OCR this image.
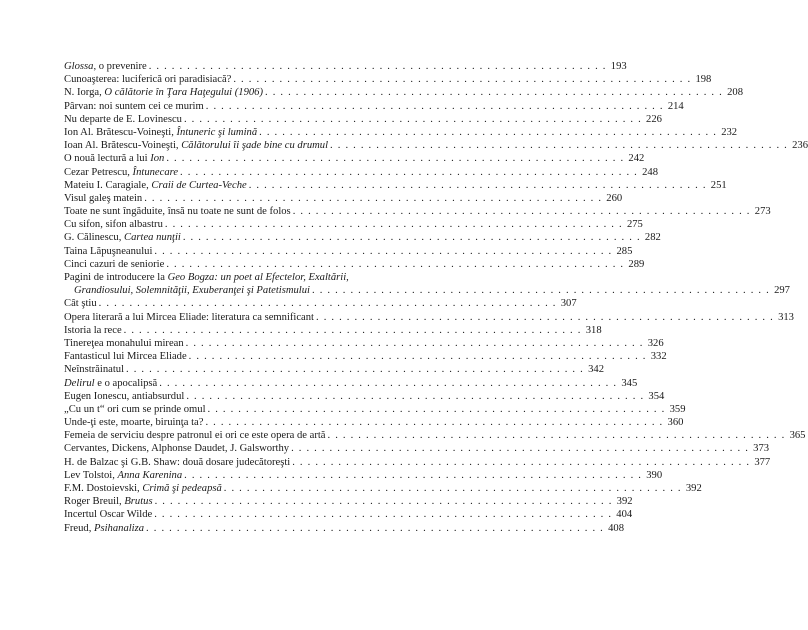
Glossa, o prevenire . . . . . . . . . . . . . . . . . . . . . . . . . . . . . . . . . . . . . . . . . . . . . . . . . . . . . . . . . . . . 193
Cunoaşterea: luciferică ori paradisiacă? . . . . . . . . . . . . . . . . . . . . . . . . . . . . . . . . . . . . . . . . . . . . . . . . . . . . . . . . . . . . 198
N. Iorga, O călătorie în Ţara Haţegului (1906) . . . . . . . . . . . . . . . . . . . . . . . . . . . . . . . . . . . . . . . . . . . . . . . . . . . . . . . . . . . . 208
Pârvan: noi suntem cei ce murim . . . . . . . . . . . . . . . . . . . . . . . . . . . . . . . . . . . . . . . . . . . . . . . . . . . . . . . . . . . . 214
Nu departe de E. Lovinescu . . . . . . . . . . . . . . . . . . . . . . . . . . . . . . . . . . . . . . . . . . . . . . . . . . . . . . . . . . . . 226
Ion Al. Brătescu-Voineşti, Întuneric şi lumină . . . . . . . . . . . . . . . . . . . . . . . . . . . . . . . . . . . . . . . . . . . . . . . . . . . . . . . . . . . . 232
Ioan Al. Brătescu-Voineşti, Călătorului îi şade bine cu drumul . . . . . . . . . . . . . . . . . . . . . . . . . . . . . . . . . . . . . . . . . . . . . . . . . . . . . . . . . . . . 236
O nouă lectură a lui Ion . . . . . . . . . . . . . . . . . . . . . . . . . . . . . . . . . . . . . . . . . . . . . . . . . . . . . . . . . . . . 242
Cezar Petrescu, Întunecare . . . . . . . . . . . . . . . . . . . . . . . . . . . . . . . . . . . . . . . . . . . . . . . . . . . . . . . . . . . . 248
Mateiu I. Caragiale, Craii de Curtea-Veche . . . . . . . . . . . . . . . . . . . . . . . . . . . . . . . . . . . . . . . . . . . . . . . . . . . . . . . . . . . . 251
Visul galeş matein . . . . . . . . . . . . . . . . . . . . . . . . . . . . . . . . . . . . . . . . . . . . . . . . . . . . . . . . . . . . 260
Toate ne sunt îngăduite, însă nu toate ne sunt de folos . . . . . . . . . . . . . . . . . . . . . . . . . . . . . . . . . . . . . . . . . . . . . . . . . . . . . . . . . . . . 273
Cu sifon, sifon albastru . . . . . . . . . . . . . . . . . . . . . . . . . . . . . . . . . . . . . . . . . . . . . . . . . . . . . . . . . . . . 275
G. Călinescu, Cartea nunţii . . . . . . . . . . . . . . . . . . . . . . . . . . . . . . . . . . . . . . . . . . . . . . . . . . . . . . . . . . . . 282
Taina Lăpuşneanului . . . . . . . . . . . . . . . . . . . . . . . . . . . . . . . . . . . . . . . . . . . . . . . . . . . . . . . . . . . . 285
Cinci cazuri de seniorie . . . . . . . . . . . . . . . . . . . . . . . . . . . . . . . . . . . . . . . . . . . . . . . . . . . . . . . . . . . . 289
Pagini de introducere la Geo Bogza: un poet al Efectelor, Exaltării,
Grandiosului, Solemnităţii, Exuberanţei şi Patetismului . . . . . . . . . . . . . . . . . . . . . . . . . . . . . . . . . . . . . . . . . . . . . . . . . . . . . . . . . . . . 297
Cât ştiu . . . . . . . . . . . . . . . . . . . . . . . . . . . . . . . . . . . . . . . . . . . . . . . . . . . . . . . . . . . . 307
Opera literară a lui Mircea Eliade: literatura ca semnificant . . . . . . . . . . . . . . . . . . . . . . . . . . . . . . . . . . . . . . . . . . . . . . . . . . . . . . . . . . . . 313
Istoria la rece . . . . . . . . . . . . . . . . . . . . . . . . . . . . . . . . . . . . . . . . . . . . . . . . . . . . . . . . . . . . 318
Tinereţea monahului mirean . . . . . . . . . . . . . . . . . . . . . . . . . . . . . . . . . . . . . . . . . . . . . . . . . . . . . . . . . . . . 326
Fantasticul lui Mircea Eliade . . . . . . . . . . . . . . . . . . . . . . . . . . . . . . . . . . . . . . . . . . . . . . . . . . . . . . . . . . . . 332
Neînstrăinatul . . . . . . . . . . . . . . . . . . . . . . . . . . . . . . . . . . . . . . . . . . . . . . . . . . . . . . . . . . . . 342
Delirul e o apocalipsă . . . . . . . . . . . . . . . . . . . . . . . . . . . . . . . . . . . . . . . . . . . . . . . . . . . . . . . . . . . . 345
Eugen Ionescu, antiabsurdul . . . . . . . . . . . . . . . . . . . . . . . . . . . . . . . . . . . . . . . . . . . . . . . . . . . . . . . . . . . . 354
„Cu un t“ ori cum se prinde omul . . . . . . . . . . . . . . . . . . . . . . . . . . . . . . . . . . . . . . . . . . . . . . . . . . . . . . . . . . . . 359
Unde-ţi este, moarte, biruinţa ta? . . . . . . . . . . . . . . . . . . . . . . . . . . . . . . . . . . . . . . . . . . . . . . . . . . . . . . . . . . . . 360
Femeia de serviciu despre patronul ei ori ce este opera de artă . . . . . . . . . . . . . . . . . . . . . . . . . . . . . . . . . . . . . . . . . . . . . . . . . . . . . . . . . . . . 365
Cervantes, Dickens, Alphonse Daudet, J. Galsworthy . . . . . . . . . . . . . . . . . . . . . . . . . . . . . . . . . . . . . . . . . . . . . . . . . . . . . . . . . . . . 373
H. de Balzac şi G.B. Shaw: două dosare judecătoreşti . . . . . . . . . . . . . . . . . . . . . . . . . . . . . . . . . . . . . . . . . . . . . . . . . . . . . . . . . . . . 377
Lev Tolstoi, Anna Karenina . . . . . . . . . . . . . . . . . . . . . . . . . . . . . . . . . . . . . . . . . . . . . . . . . . . . . . . . . . . . 390
F.M. Dostoievski, Crimă şi pedeapsă . . . . . . . . . . . . . . . . . . . . . . . . . . . . . . . . . . . . . . . . . . . . . . . . . . . . . . . . . . . . 392
Roger Breuil, Brutus . . . . . . . . . . . . . . . . . . . . . . . . . . . . . . . . . . . . . . . . . . . . . . . . . . . . . . . . . . . . 392
Incertul Oscar Wilde . . . . . . . . . . . . . . . . . . . . . . . . . . . . . . . . . . . . . . . . . . . . . . . . . . . . . . . . . . . . 404
Freud, Psihanaliza . . . . . . . . . . . . . . . . . . . . . . . . . . . . . . . . . . . . . . . . . . . . . . . . . . . . . . . . . . . . 408
